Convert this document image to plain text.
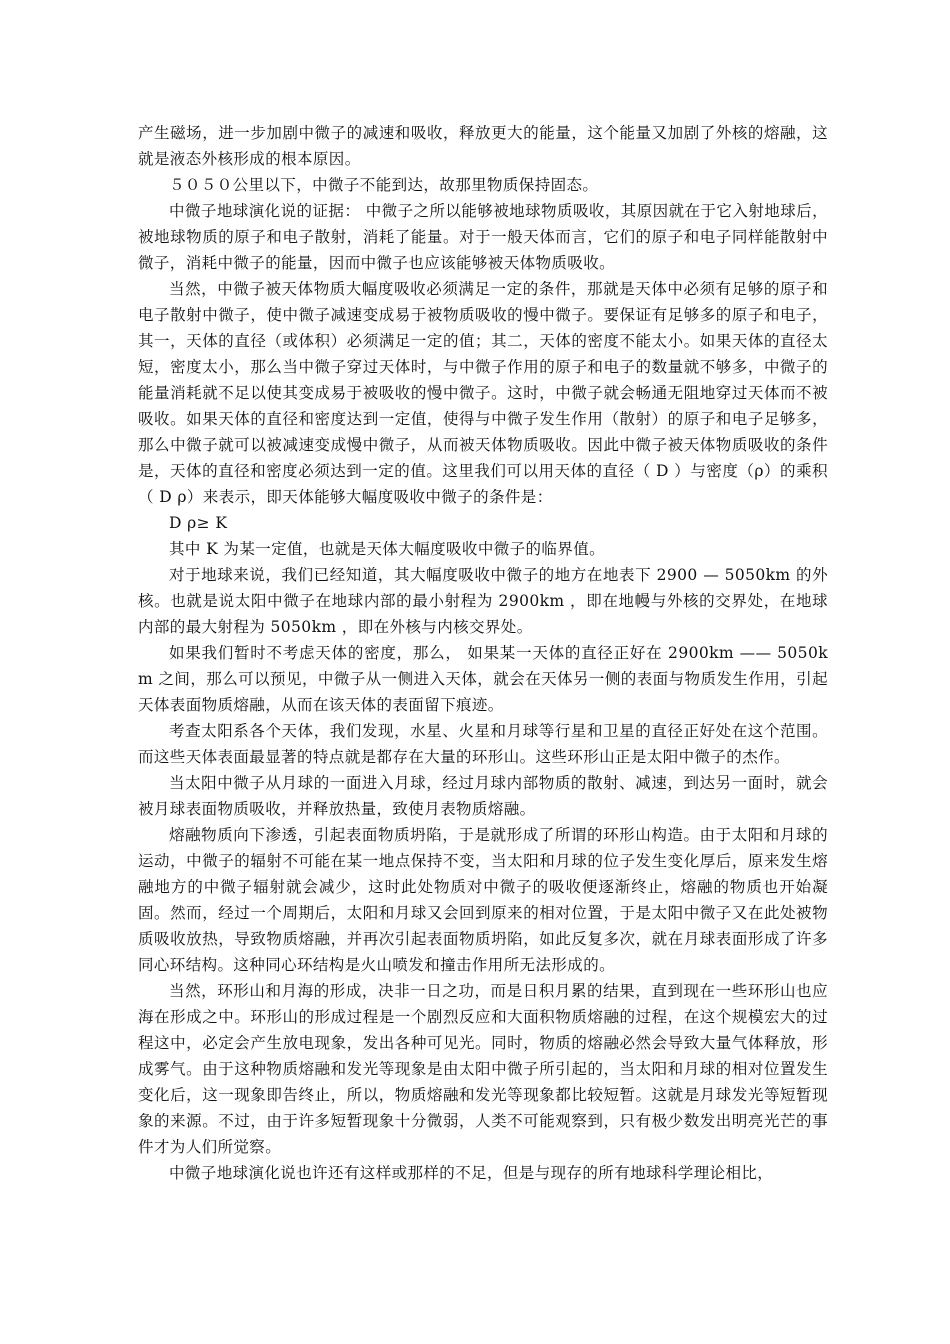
产生磁场，进一步加剧中微子的减速和吸收，释放更大的能量，这个能量又加剧了外核的熔融，这就是液态外核形成的根本原因。

５０５０公里以下，中微子不能到达，故那里物质保持固态。

中微子地球演化说的证据： 中微子之所以能够被地球物质吸收，其原因就在于它入射地球后，被地球物质的原子和电子散射，消耗了能量。对于一般天体而言，它们的原子和电子同样能散射中微子，消耗中微子的能量，因而中微子也应该能够被天体物质吸收。

当然，中微子被天体物质大幅度吸收必须满足一定的条件，那就是天体中必须有足够的原子和电子散射中微子，使中微子减速变成易于被物质吸收的慢中微子。要保证有足够多的原子和电子，其一，天体的直径（或体积）必须满足一定的值；其二，天体的密度不能太小。如果天体的直径太短，密度太小，那么当中微子穿过天体时，与中微子作用的原子和电子的数量就不够多，中微子的能量消耗就不足以使其变成易于被吸收的慢中微子。这时，中微子就会畅通无阻地穿过天体而不被吸收。如果天体的直径和密度达到一定值，使得与中微子发生作用（散射）的原子和电子足够多，那么中微子就可以被减速变成慢中微子，从而被天体物质吸收。因此中微子被天体物质吸收的条件是，天体的直径和密度必须达到一定的值。这里我们可以用天体的直径（ D ）与密度（ρ）的乘积（ D ρ）来表示，即天体能够大幅度吸收中微子的条件是：

D ρ≥ K

其中 K 为某一定值，也就是天体大幅度吸收中微子的临界值。

对于地球来说，我们已经知道，其大幅度吸收中微子的地方在地表下 2900 — 5050km 的外核。也就是说太阳中微子在地球内部的最小射程为 2900km ，即在地幔与外核的交界处，在地球内部的最大射程为 5050km ，即在外核与内核交界处。

如果我们暂时不考虑天体的密度，那么， 如果某一天体的直径正好在 2900km —— 5050km 之间，那么可以预见，中微子从一侧进入天体，就会在天体另一侧的表面与物质发生作用，引起天体表面物质熔融，从而在该天体的表面留下痕迹。

考查太阳系各个天体，我们发现，水星、火星和月球等行星和卫星的直径正好处在这个范围。而这些天体表面最显著的特点就是都存在大量的环形山。这些环形山正是太阳中微子的杰作。

当太阳中微子从月球的一面进入月球，经过月球内部物质的散射、减速，到达另一面时，就会被月球表面物质吸收，并释放热量，致使月表物质熔融。

熔融物质向下渗透，引起表面物质坍陷，于是就形成了所谓的环形山构造。由于太阳和月球的运动，中微子的辐射不可能在某一地点保持不变，当太阳和月球的位子发生变化厚后，原来发生熔融地方的中微子辐射就会减少，这时此处物质对中微子的吸收便逐渐终止，熔融的物质也开始凝固。然而，经过一个周期后，太阳和月球又会回到原来的相对位置，于是太阳中微子又在此处被物质吸收放热，导致物质熔融，并再次引起表面物质坍陷，如此反复多次，就在月球表面形成了许多同心环结构。这种同心环结构是火山喷发和撞击作用所无法形成的。

当然，环形山和月海的形成，决非一日之功，而是日积月累的结果，直到现在一些环形山也应海在形成之中。环形山的形成过程是一个剧烈反应和大面积物质熔融的过程，在这个规模宏大的过程这中，必定会产生放电现象，发出各种可见光。同时，物质的熔融必然会导致大量气体释放，形成雾气。由于这种物质熔融和发光等现象是由太阳中微子所引起的，当太阳和月球的相对位置发生变化后，这一现象即告终止，所以，物质熔融和发光等现象都比较短暂。这就是月球发光等短暂现象的来源。不过，由于许多短暂现象十分微弱，人类不可能观察到，只有极少数发出明亮光芒的事件才为人们所觉察。

中微子地球演化说也许还有这样或那样的不足，但是与现存的所有地球科学理论相比，
